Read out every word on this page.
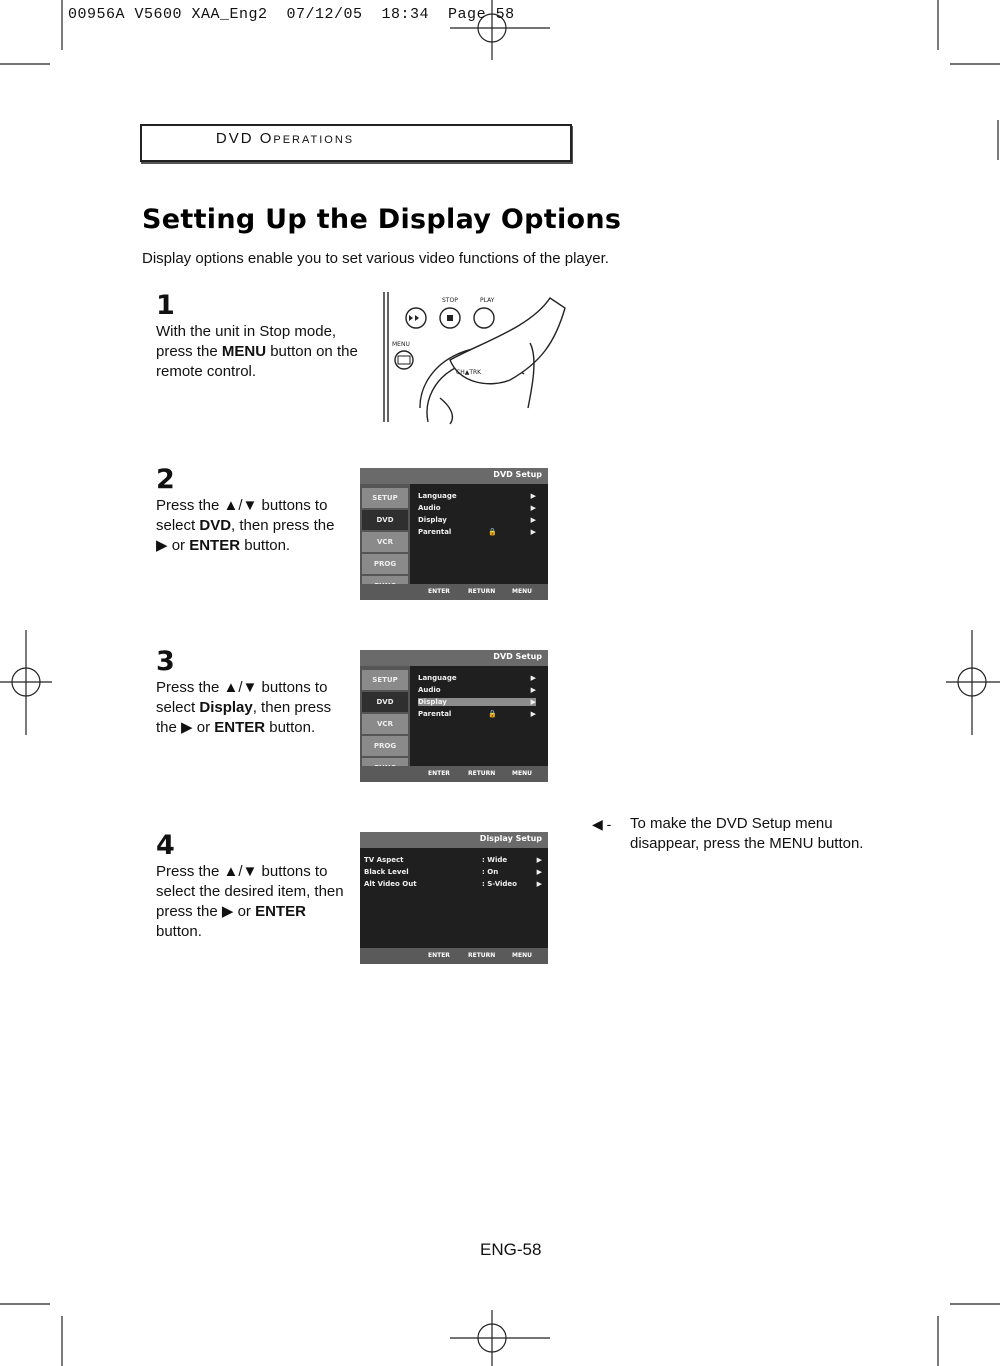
00956A V5600 XAA_Eng2  07/12/05  18:34  Page 58
DVD Operations
Setting Up the Display Options
Display options enable you to set various video functions of the player.
1
With the unit in Stop mode, press the MENU button on the remote control.
STOP	PLAY
MENU
CH▲TRK
2
Press the ▲/▼ buttons to select DVD, then press the ▶ or ENTER button.
DVD Setup
SETUP
DVD
VCR
PROG
Language	▶
Audio	▶
Display	▶
Parental	🔒	▶
ENTER	RETURN	MENU
3
Press the ▲/▼ buttons to select Display, then press the ▶ or ENTER button.
DVD Setup
SETUP
DVD
VCR
PROG
Language	▶
Audio	▶
Display	▶
Parental	🔒	▶
ENTER	RETURN	MENU
4
Press the ▲/▼ buttons to select the desired item, then press the ▶ or ENTER button.
Display Setup
TV Aspect	: Wide	▶
Black Level	: On	▶
Alt Video Out	: S-Video	▶
ENTER	RETURN	MENU
◀ - To make the DVD Setup menu disappear, press the MENU button.
ENG-58
